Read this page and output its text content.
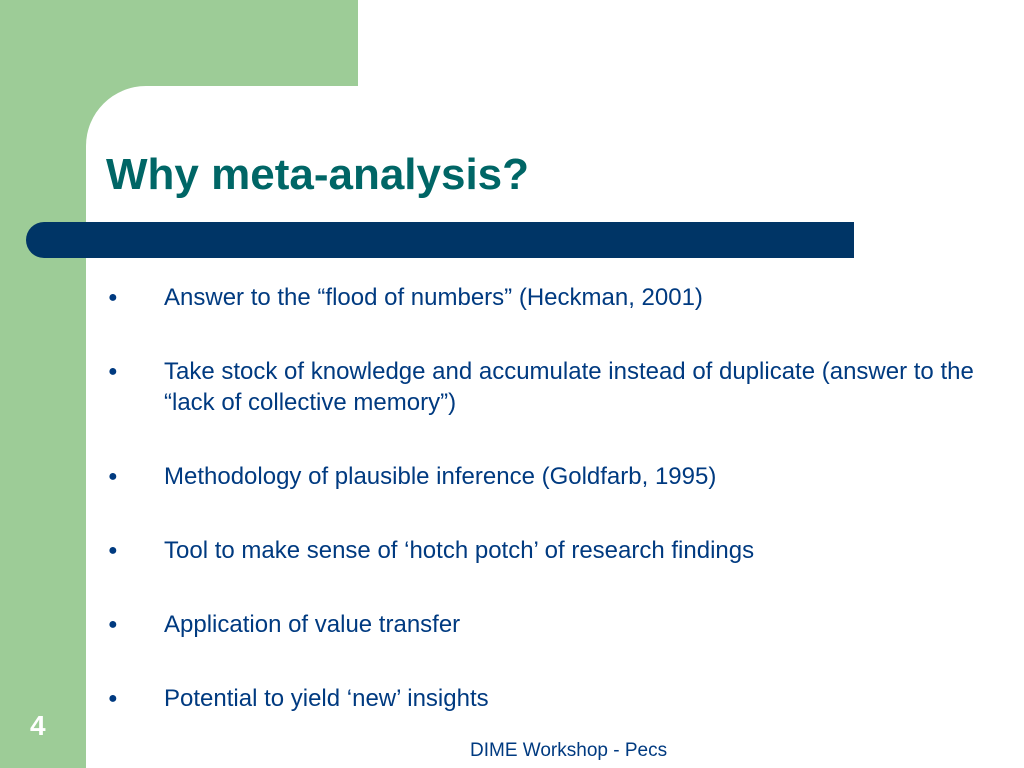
Why meta-analysis?
●	Answer to the “flood of numbers” (Heckman, 2001)
●	Take stock of knowledge and accumulate instead of duplicate (answer to the “lack of collective memory”)
●	Methodology of plausible inference (Goldfarb, 1995)
●	Tool to make sense of ‘hotch potch’ of research findings
●	Application of value transfer
●	Potential to yield ‘new’ insights
4
DIME Workshop - Pecs
